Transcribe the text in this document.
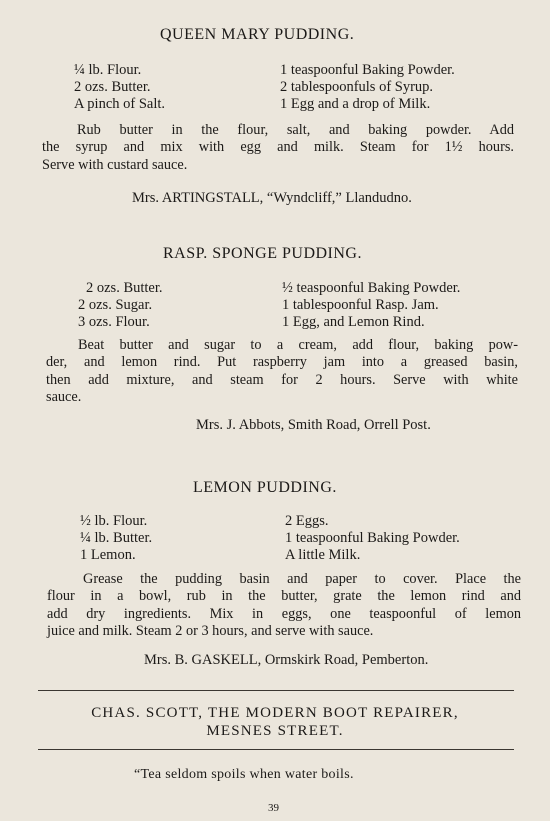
QUEEN MARY PUDDING.
¼ lb. Flour.
2 ozs. Butter.
A pinch of Salt.
1 teaspoonful Baking Powder.
2 tablespoonfuls of Syrup.
1 Egg and a drop of Milk.
Rub butter in the flour, salt, and baking powder. Add
the syrup and mix with egg and milk. Steam for 1½ hours.
Serve with custard sauce.
Mrs. ARTINGSTALL, “Wyndcliff,” Llandudno.
RASP. SPONGE PUDDING.
2 ozs. Butter.
2 ozs. Sugar.
3 ozs. Flour.
½ teaspoonful Baking Powder.
1 tablespoonful Rasp. Jam.
1 Egg, and Lemon Rind.
Beat butter and sugar to a cream, add flour, baking pow-
der, and lemon rind. Put raspberry jam into a greased basin,
then add mixture, and steam for 2 hours. Serve with white
sauce.
Mrs. J. Abbots, Smith Road, Orrell Post.
LEMON PUDDING.
½ lb. Flour.
¼ lb. Butter.
1 Lemon.
2 Eggs.
1 teaspoonful Baking Powder.
A little Milk.
Grease the pudding basin and paper to cover. Place the
flour in a bowl, rub in the butter, grate the lemon rind and
add dry ingredients. Mix in eggs, one teaspoonful of lemon
juice and milk. Steam 2 or 3 hours, and serve with sauce.
Mrs. B. GASKELL, Ormskirk Road, Pemberton.
CHAS. SCOTT, THE MODERN BOOT REPAIRER,
MESNES STREET.
“Tea seldom spoils when water boils.
39
